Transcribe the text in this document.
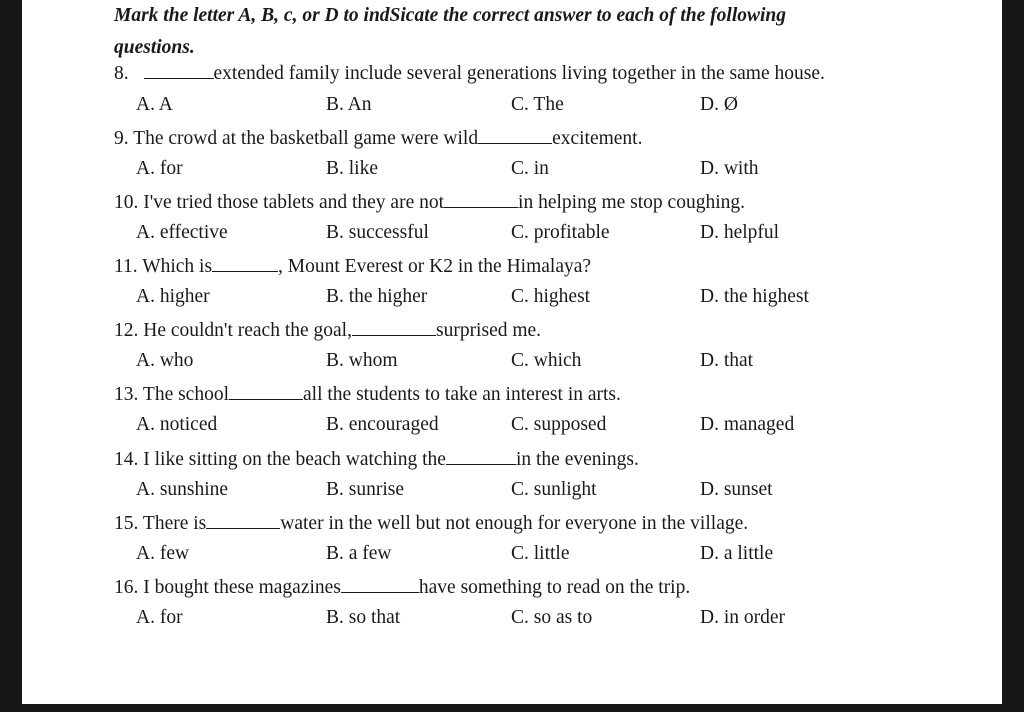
Mark the letter A, B, c, or D to indSicate the correct answer to each of the following
questions.
8.	extended family include several generations living together in the same house.
A. A	B. An	C. The	D. Ø
9. The crowd at the basketball game were wild	excitement.
A. for	B. like	C. in	D. with
10. I've tried those tablets and they are not	in helping me stop coughing.
A. effective	B. successful	C. profitable	D. helpful
11. Which is	, Mount Everest or K2 in the Himalaya?
A. higher	B. the higher	C. highest	D. the highest
12. He couldn't reach the goal,	surprised me.
A. who	B. whom	C. which	D. that
13. The school	all the students to take an interest in arts.
A. noticed	B. encouraged	C. supposed	D. managed
14. I like sitting on the beach watching the	in the evenings.
A. sunshine	B. sunrise	C. sunlight	D. sunset
15. There is	water in the well but not enough for everyone in the village.
A. few	B. a few	C. little	D. a little
16. I bought these magazines	have something to read on the trip.
A. for	B. so that	C. so as to	D. in order
